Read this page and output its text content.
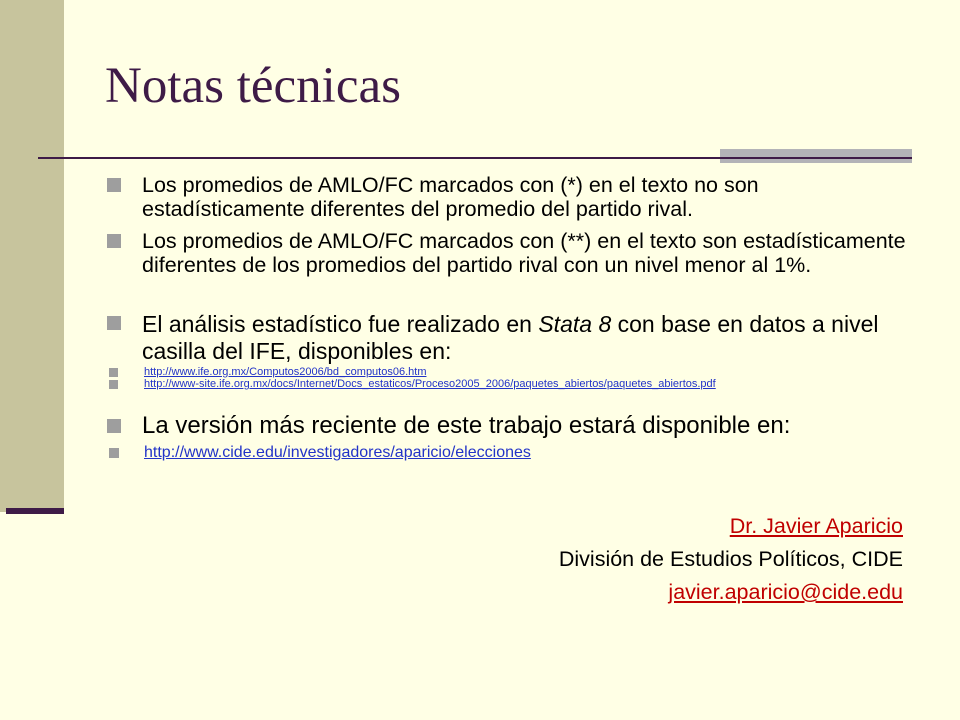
Notas técnicas
Los promedios de AMLO/FC marcados con (*) en el texto no son estadísticamente diferentes del promedio del partido rival.
Los promedios de AMLO/FC marcados con (**) en el texto son estadísticamente diferentes de los promedios del partido rival con un nivel menor al 1%.
El análisis estadístico fue realizado en Stata 8 con base en datos a nivel casilla del IFE, disponibles en:
http://www.ife.org.mx/Computos2006/bd_computos06.htm
http://www-site.ife.org.mx/docs/Internet/Docs_estaticos/Proceso2005_2006/paquetes_abiertos/paquetes_abiertos.pdf
La versión más reciente de este trabajo estará disponible en:
http://www.cide.edu/investigadores/aparicio/elecciones
Dr. Javier Aparicio
División de Estudios Políticos, CIDE
javier.aparicio@cide.edu
